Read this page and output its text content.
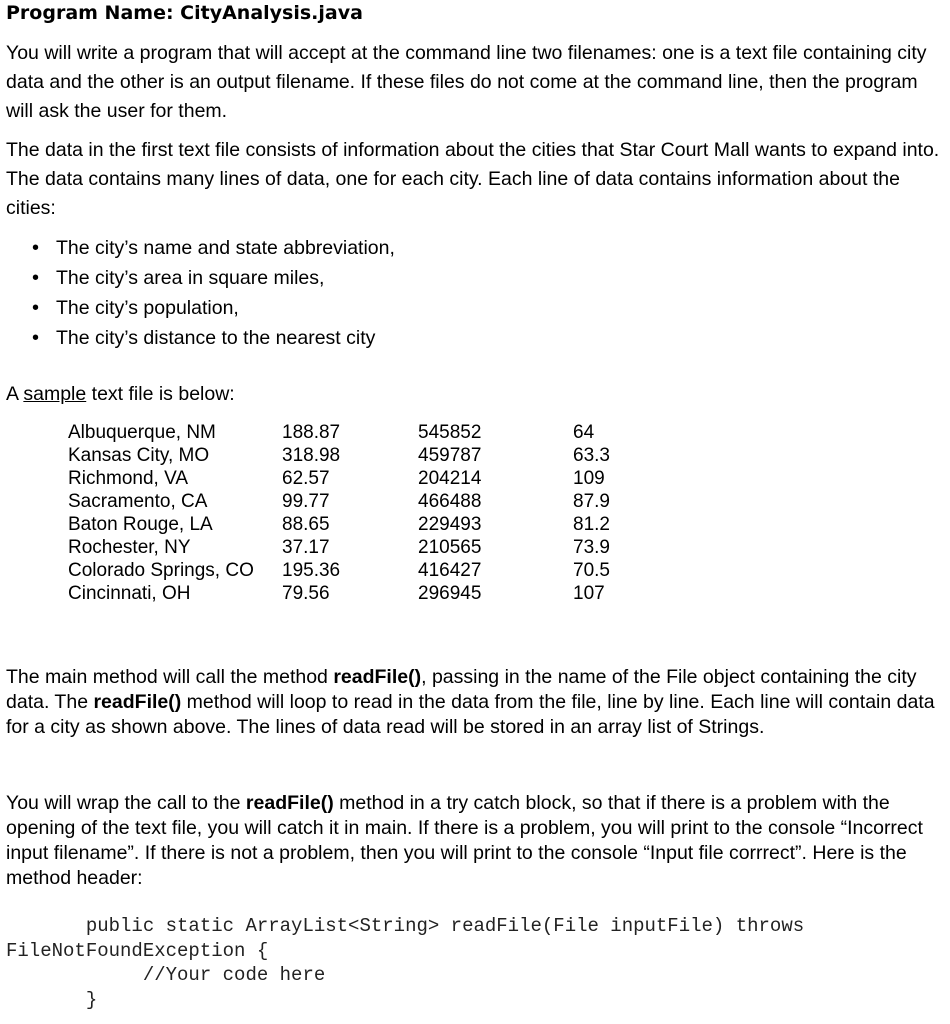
Program Name: CityAnalysis.java
You will write a program that will accept at the command line two filenames: one is a text file containing city data and the other is an output filename. If these files do not come at the command line, then the program will ask the user for them.
The data in the first text file consists of information about the cities that Star Court Mall wants to expand into. The data contains many lines of data, one for each city. Each line of data contains information about the cities:
• The city’s name and state abbreviation,
• The city’s area in square miles,
• The city’s population,
• The city’s distance to the nearest city
A sample text file is below:
Albuquerque, NM	188.87	545852	64
Kansas City, MO	318.98	459787	63.3
Richmond, VA	62.57	204214	109
Sacramento, CA	99.77	466488	87.9
Baton Rouge, LA	88.65	229493	81.2
Rochester, NY	37.17	210565	73.9
Colorado Springs, CO	195.36	416427	70.5
Cincinnati, OH	79.56	296945	107
The main method will call the method readFile(), passing in the name of the File object containing the city data. The readFile() method will loop to read in the data from the file, line by line. Each line will contain data for a city as shown above. The lines of data read will be stored in an array list of Strings.
You will wrap the call to the readFile() method in a try catch block, so that if there is a problem with the opening of the text file, you will catch it in main. If there is a problem, you will print to the console “Incorrect input filename”. If there is not a problem, then you will print to the console “Input file corrrect”. Here is the method header:
public static ArrayList<String> readFile(File inputFile) throws
FileNotFoundException {
//Your code here
}
